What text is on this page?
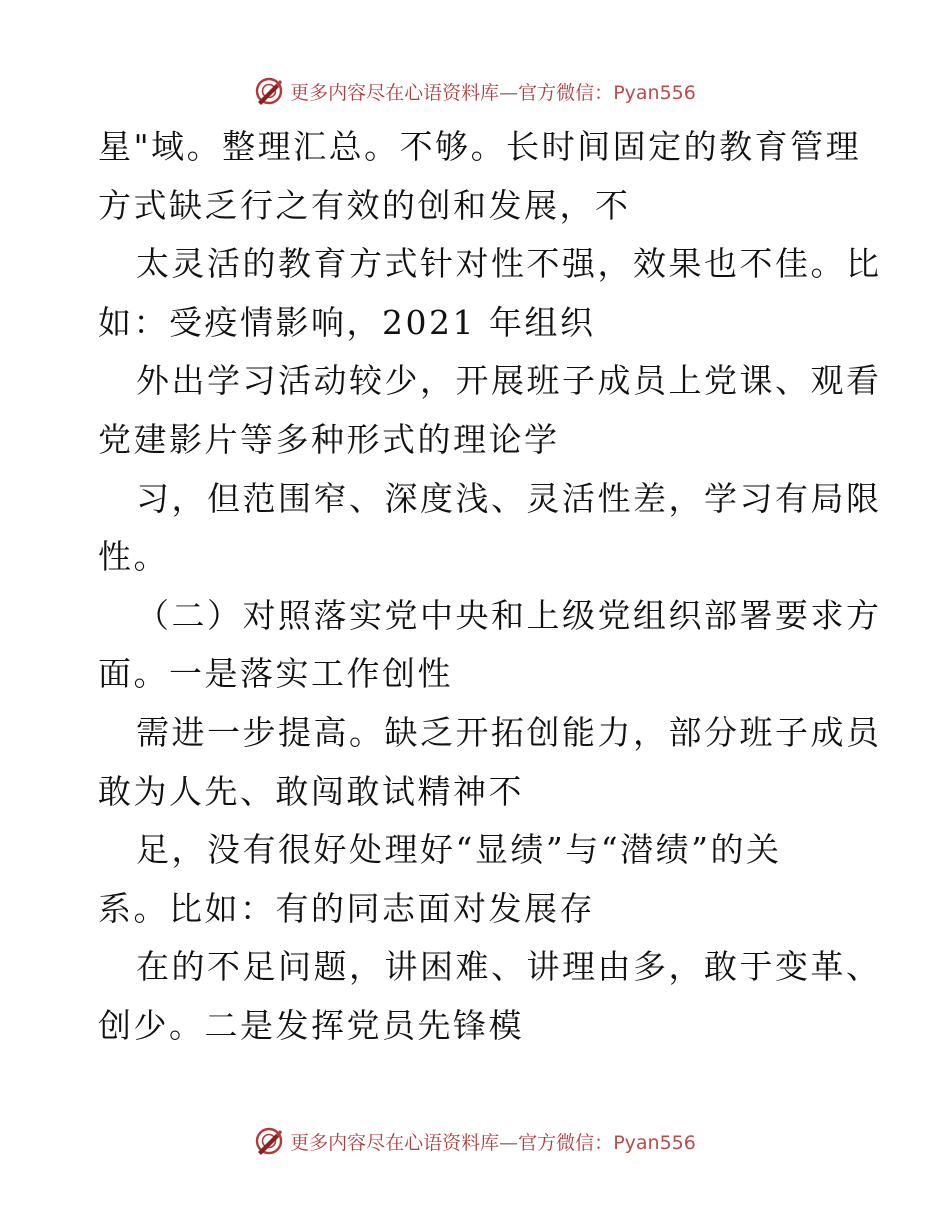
更多内容尽在心语资料库—官方微信：Pyan556
星"域。整理汇总。不够。长时间固定的教育管理
方式缺乏行之有效的创和发展，不
太灵活的教育方式针对性不强，效果也不佳。比
如：受疫情影响，2021 年组织
外出学习活动较少，开展班子成员上党课、观看
党建影片等多种形式的理论学
习，但范围窄、深度浅、灵活性差，学习有局限
性。
（二）对照落实党中央和上级党组织部署要求方
面。一是落实工作创性
需进一步提高。缺乏开拓创能力，部分班子成员
敢为人先、敢闯敢试精神不
足，没有很好处理好“显绩”与“潜绩”的关
系。比如：有的同志面对发展存
在的不足问题，讲困难、讲理由多，敢于变革、
创少。二是发挥党员先锋模
更多内容尽在心语资料库—官方微信：Pyan556
